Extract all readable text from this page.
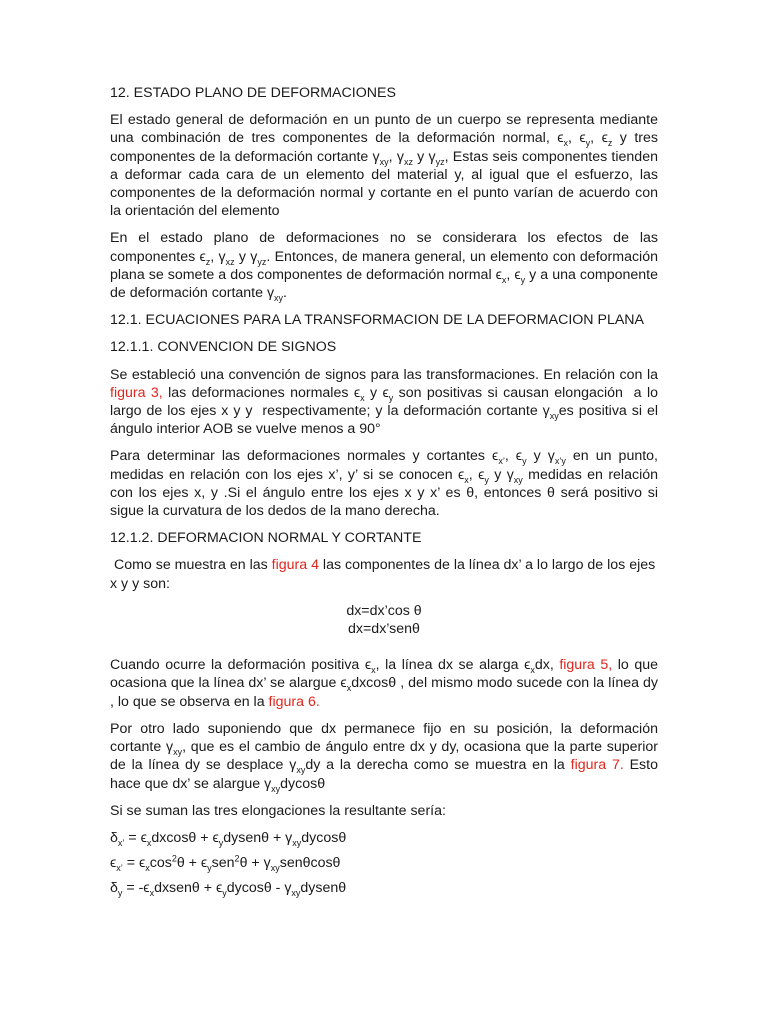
12. ESTADO PLANO DE DEFORMACIONES

El estado general de deformación en un punto de un cuerpo se representa mediante una combinación de tres componentes de la deformación normal, $\epsilon_x$, $\epsilon_y$, $\epsilon_z$ y tres componentes de la deformación cortante $\gamma_{xy}$, $\gamma_{xz}$ y $\gamma_{yz}$, Estas seis componentes tienden a deformar cada cara de un elemento del material y, al igual que el esfuerzo, las componentes de la deformación normal y cortante en el punto varían de acuerdo con la orientación del elemento

En el estado plano de deformaciones no se considerara los efectos de las componentes $\epsilon_z$, $\gamma_{xz}$ y $\gamma_{yz}$. Entonces, de manera general, un elemento con deformación plana se somete a dos componentes de deformación normal $\epsilon_x$, $\epsilon_y$ y a una componente de deformación cortante $\gamma_{xy}$.

12.1. ECUACIONES PARA LA TRANSFORMACION DE LA DEFORMACION PLANA

12.1.1. CONVENCION DE SIGNOS

Se estableció una convención de signos para las transformaciones. En relación con la figura 3, las deformaciones normales $\epsilon_x$ y $\epsilon_y$ son positivas si causan elongación  a lo largo de los ejes x y y  respectivamente; y la deformación cortante $\gamma_{xy}es$ positiva si el ángulo interior AOB se vuelve menos a 90°

Para determinar las deformaciones normales y cortantes $\epsilon_{x’}$, $\epsilon_y$ y $\gamma_{x’y}$ en un punto, medidas en relación con los ejes x’, y’ si se conocen $\epsilon_x$, $\epsilon_y$ y $\gamma_{xy}$ medidas en relación con los ejes x, y .Si el ángulo entre los ejes x y x’ es θ, entonces θ será positivo si sigue la curvatura de los dedos de la mano derecha.

12.1.2. DEFORMACION NORMAL Y CORTANTE

Como se muestra en las figura 4 las componentes de la línea dx’ a lo largo de los ejes x y y son:

dx=dx’cos θ

dx=dx’senθ

Cuando ocurre la deformación positiva $\epsilon_x$, la línea dx se alarga $\epsilon_xdx$, figura 5, lo que ocasiona que la línea dx’ se alargue $\epsilon_xdxcos\theta$ , del mismo modo sucede con la línea dy , lo que se observa en la figura 6.

Por otro lado suponiendo que dx permanece fijo en su posición, la deformación cortante $\gamma_{xy}$, que es el cambio de ángulo entre dx y dy, ocasiona que la parte superior de la línea dy se desplace $\gamma_{xy}dy$ a la derecha como se muestra en la figura 7. Esto hace que dx’ se alargue $\gamma_{xy}dycos\theta$

Si se suman las tres elongaciones la resultante sería:

$\delta_{x’} = \epsilon_xdxcos\theta$ + $\epsilon_ydysen\theta + \gamma_{xy}dycos\theta$

$\epsilon_{x’} = \epsilon_x\cos^2\theta + \epsilon_ysen^2\theta + \gamma_{xy}sen\theta\cos\theta$

$\delta_y$ = $-\epsilon_xdxsen\theta + \epsilon_ydycos\theta$ - $\gamma_{xy}dysen\theta$
